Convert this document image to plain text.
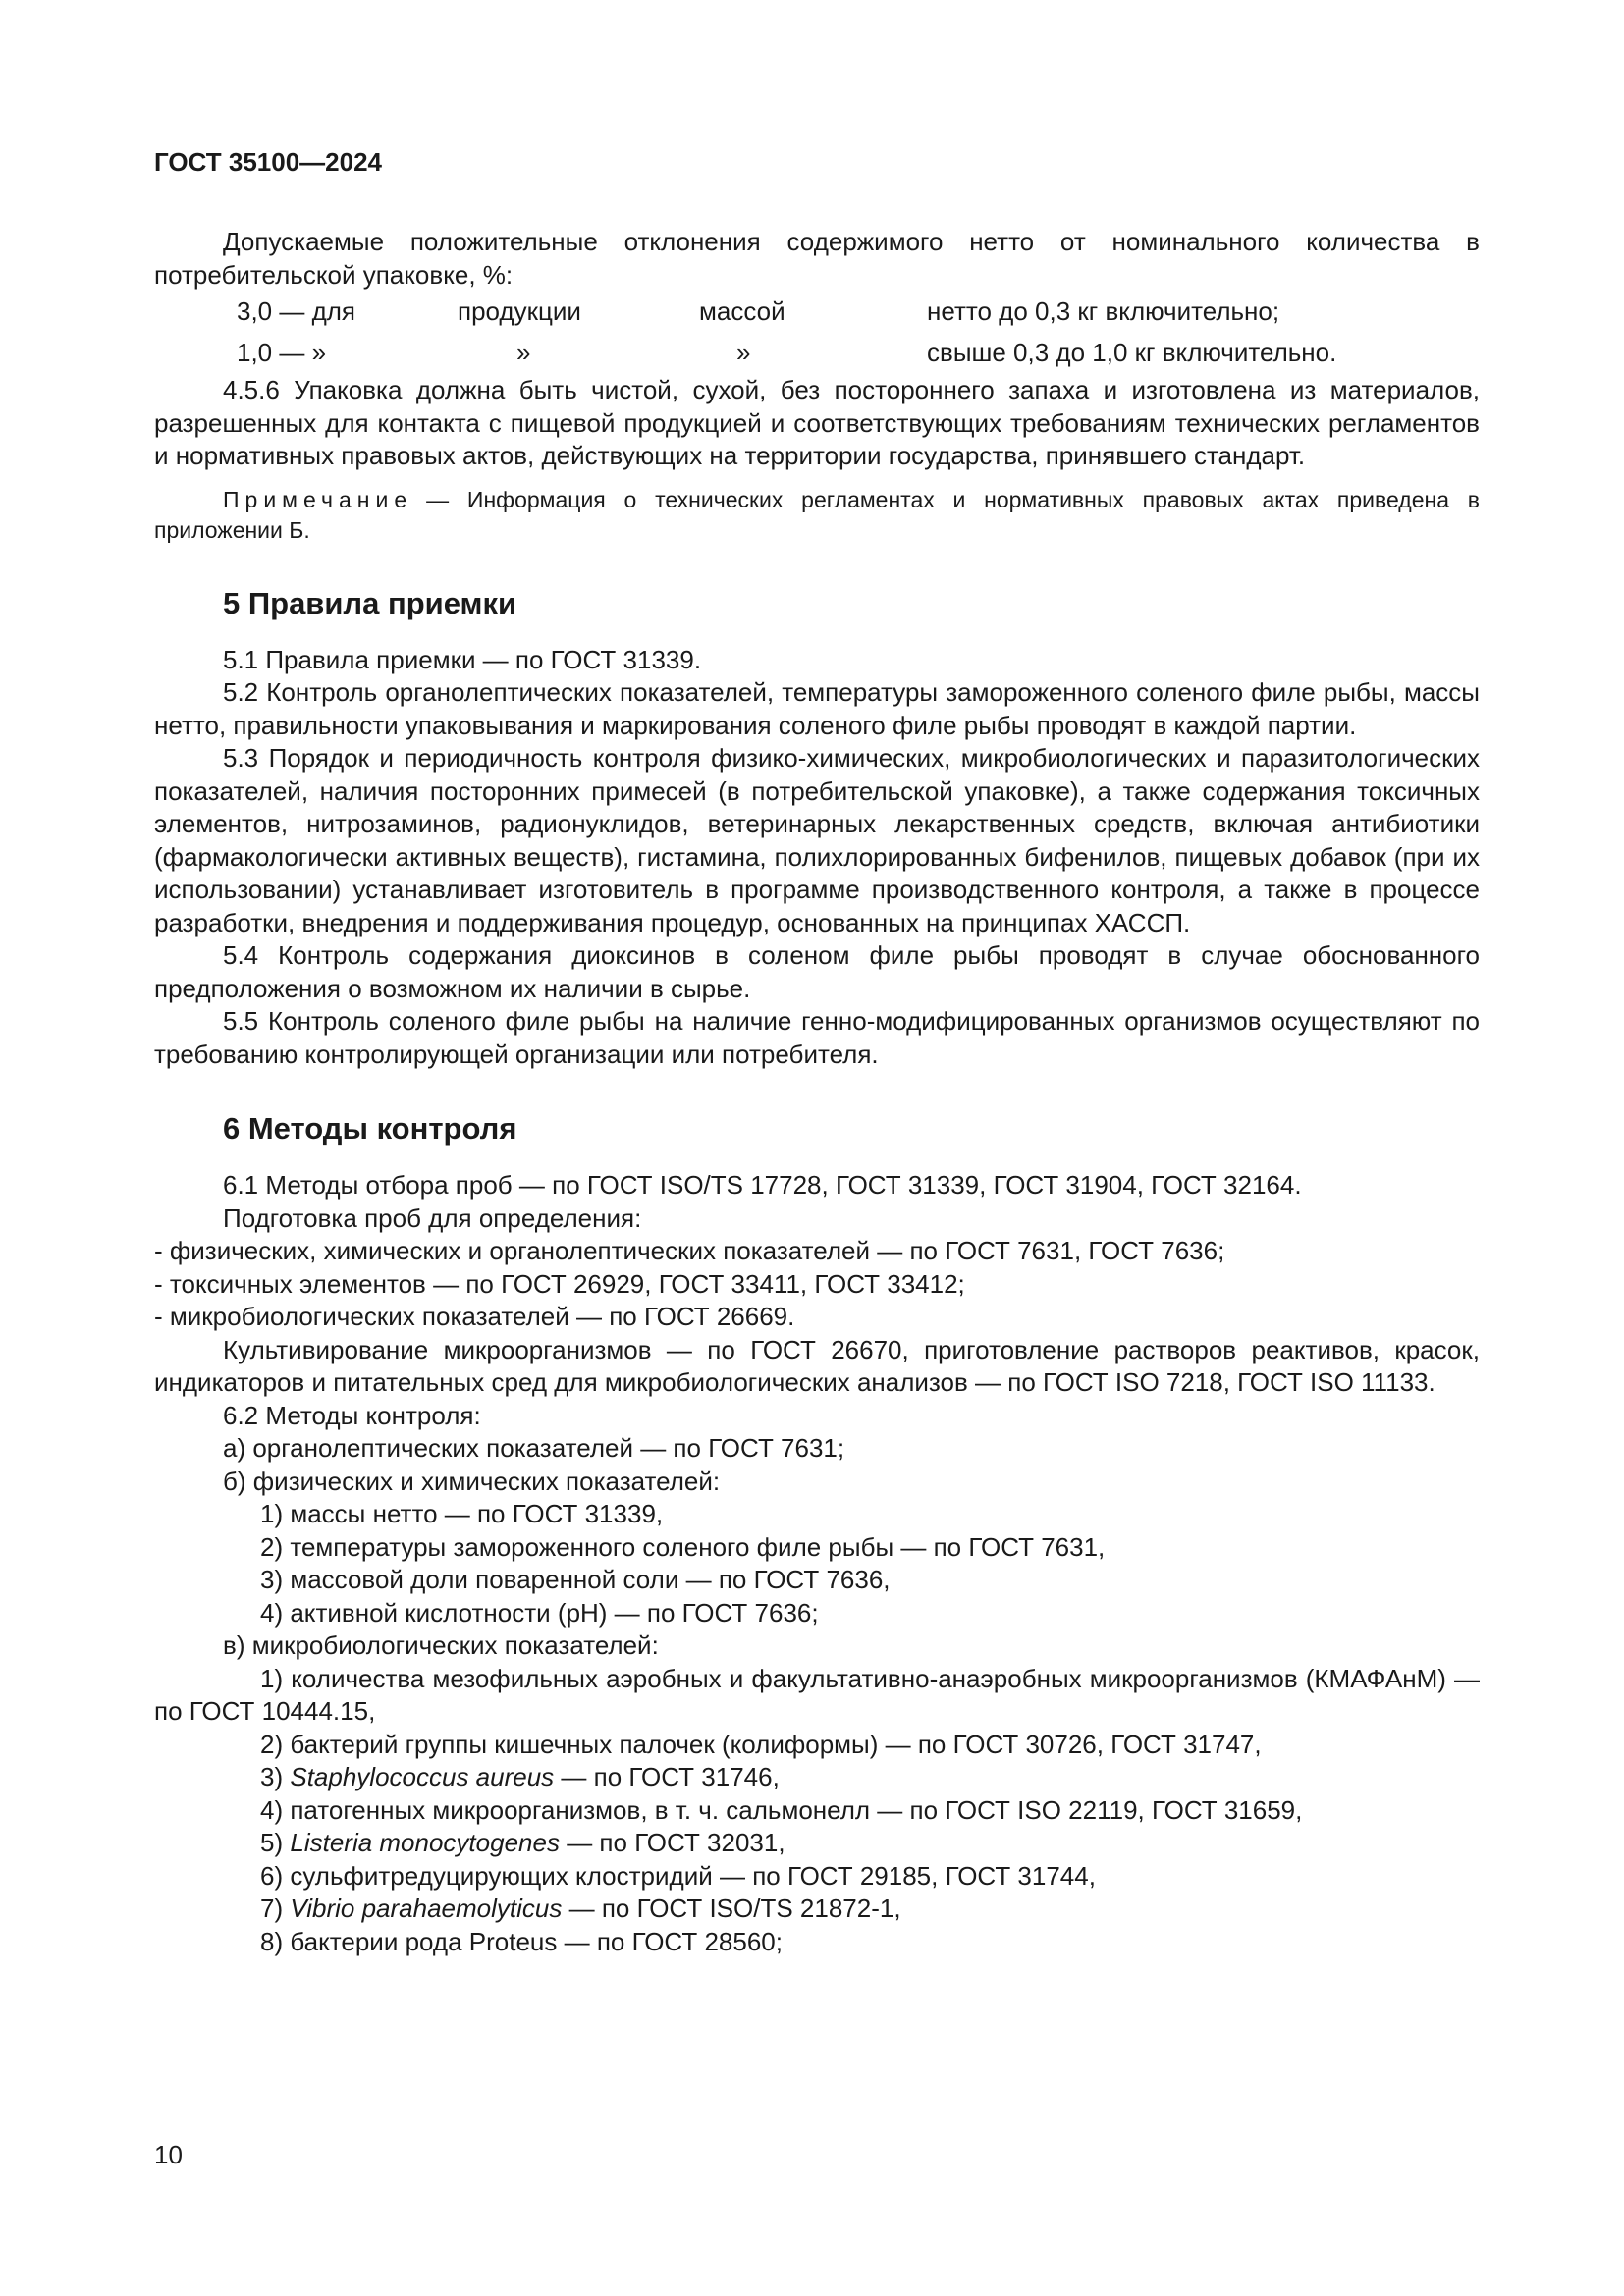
ГОСТ 35100—2024

Допускаемые положительные отклонения содержимого нетто от номинального количества в потребительской упаковке, %:

3,0 — для	продукции	массой	нетто до 0,3 кг включительно;
1,0 — »	»	»	свыше 0,3 до 1,0 кг включительно.

4.5.6 Упаковка должна быть чистой, сухой, без постороннего запаха и изготовлена из материалов, разрешенных для контакта с пищевой продукцией и соответствующих требованиям технических регламентов и нормативных правовых актов, действующих на территории государства, принявшего стандарт.

Примечание — Информация о технических регламентах и нормативных правовых актах приведена в приложении Б.

5 Правила приемки

5.1 Правила приемки — по ГОСТ 31339.

5.2 Контроль органолептических показателей, температуры замороженного соленого филе рыбы, массы нетто, правильности упаковывания и маркирования соленого филе рыбы проводят в каждой партии.

5.3 Порядок и периодичность контроля физико-химических, микробиологических и паразитологических показателей, наличия посторонних примесей (в потребительской упаковке), а также содержания токсичных элементов, нитрозаминов, радионуклидов, ветеринарных лекарственных средств, включая антибиотики (фармакологически активных веществ), гистамина, полихлорированных бифенилов, пищевых добавок (при их использовании) устанавливает изготовитель в программе производственного контроля, а также в процессе разработки, внедрения и поддерживания процедур, основанных на принципах ХАССП.

5.4 Контроль содержания диоксинов в соленом филе рыбы проводят в случае обоснованного предположения о возможном их наличии в сырье.

5.5 Контроль соленого филе рыбы на наличие генно-модифицированных организмов осуществляют по требованию контролирующей организации или потребителя.

6 Методы контроля

6.1 Методы отбора проб — по ГОСТ ISO/TS 17728, ГОСТ 31339, ГОСТ 31904, ГОСТ 32164.

Подготовка проб для определения:

- физических, химических и органолептических показателей — по ГОСТ 7631, ГОСТ 7636;

- токсичных элементов — по ГОСТ 26929, ГОСТ 33411, ГОСТ 33412;

- микробиологических показателей — по ГОСТ 26669.

Культивирование микроорганизмов — по ГОСТ 26670, приготовление растворов реактивов, красок, индикаторов и питательных сред для микробиологических анализов — по ГОСТ ISO 7218, ГОСТ ISO 11133.

6.2 Методы контроля:

а) органолептических показателей — по ГОСТ 7631;

б) физических и химических показателей:

1) массы нетто — по ГОСТ 31339,

2) температуры замороженного соленого филе рыбы — по ГОСТ 7631,

3) массовой доли поваренной соли — по ГОСТ 7636,

4) активной кислотности (рН) — по ГОСТ 7636;

в) микробиологических показателей:

1) количества мезофильных аэробных и факультативно-анаэробных микроорганизмов (КМАФАнМ) — по ГОСТ 10444.15,

2) бактерий группы кишечных палочек (колиформы) — по ГОСТ 30726, ГОСТ 31747,

3) Staphylococcus aureus — по ГОСТ 31746,

4) патогенных микроорганизмов, в т. ч. сальмонелл — по ГОСТ ISO 22119, ГОСТ 31659,

5) Listeria monocytogenes — по ГОСТ 32031,

6) сульфитредуцирующих клостридий — по ГОСТ 29185, ГОСТ 31744,

7) Vibrio parahaemolyticus — по ГОСТ ISO/TS 21872-1,

8) бактерии рода Proteus — по ГОСТ 28560;

10
